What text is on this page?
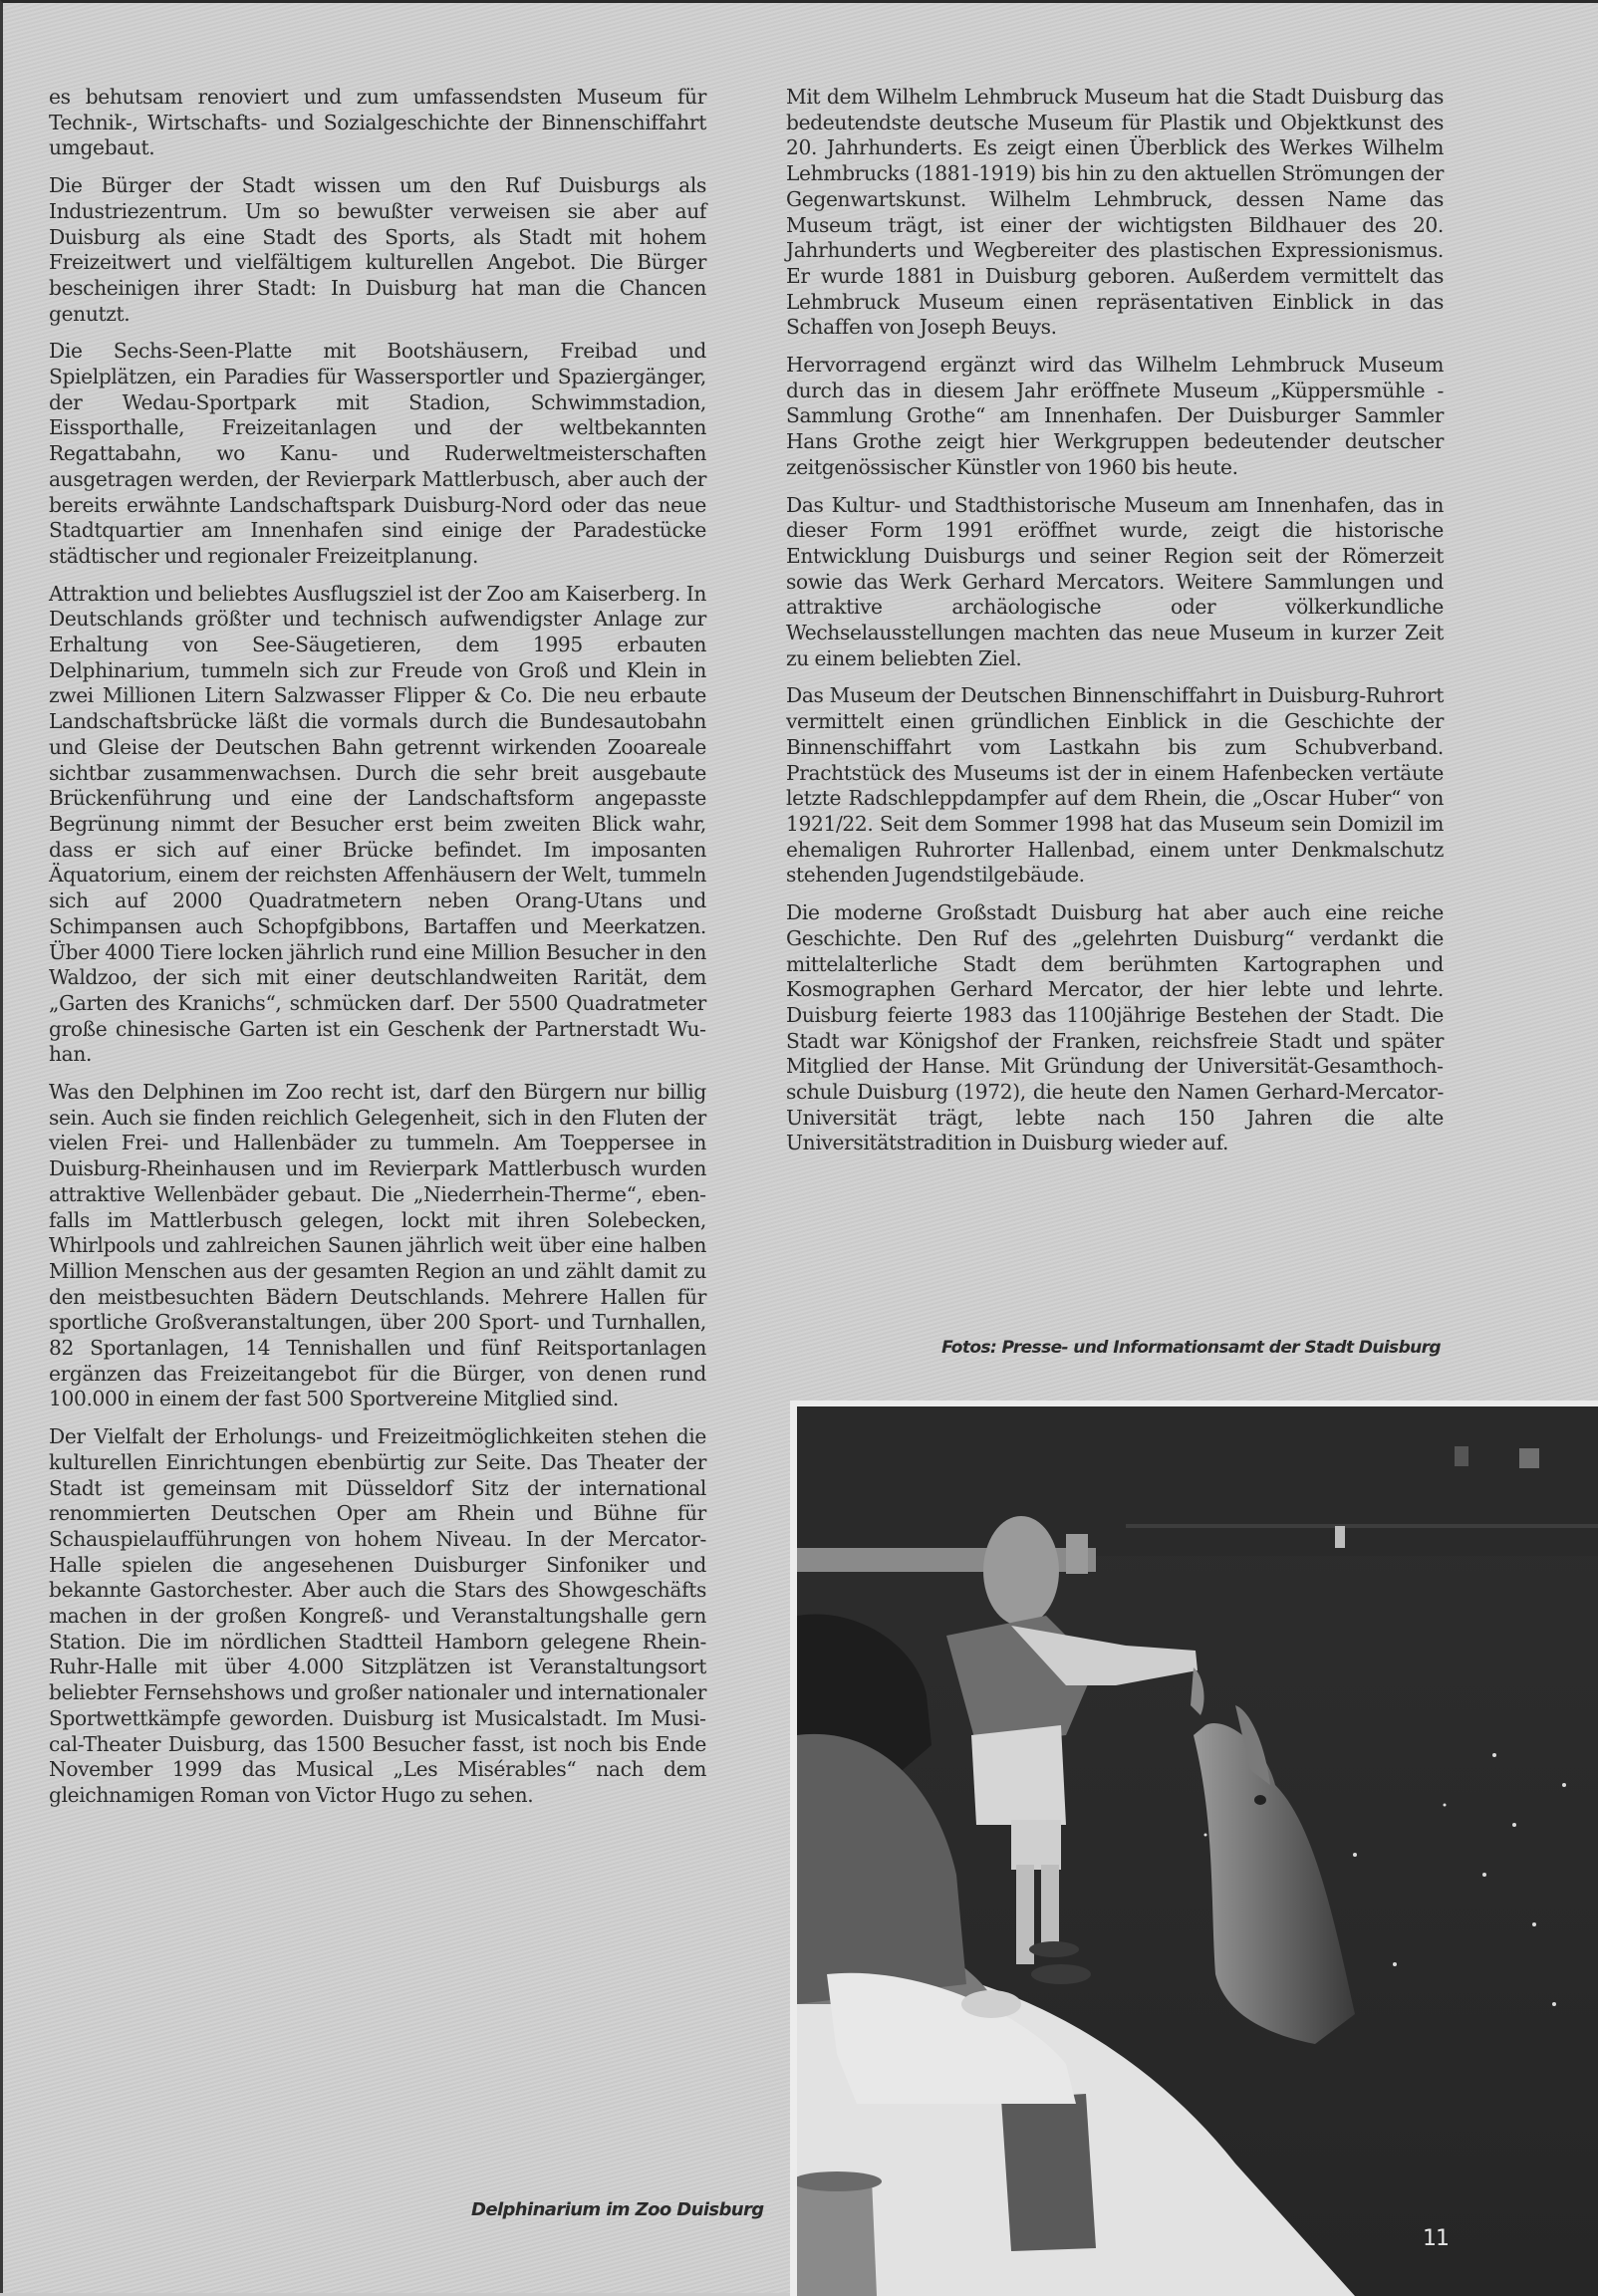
es behutsam renoviert und zum umfassendsten Museum für Technik-, Wirtschafts- und Sozialgeschichte der Binnenschiffahrt umgebaut.

Die Bürger der Stadt wissen um den Ruf Duisburgs als Industriezentrum. Um so bewußter verweisen sie aber auf Duisburg als eine Stadt des Sports, als Stadt mit hohem Freizeitwert und vielfältigem kulturellen Angebot. Die Bürger bescheinigen ihrer Stadt: In Duisburg hat man die Chancen genutzt.

Die Sechs-Seen-Platte mit Bootshäusern, Freibad und Spielplätzen, ein Paradies für Wassersportler und Spaziergänger, der Wedau-Sportpark mit Stadion, Schwimmstadion, Eissporthalle, Freizeitanlagen und der weltbekannten Regattabahn, wo Kanu- und Ruderweltmeisterschaften ausgetragen werden, der Revierpark Mattlerbusch, aber auch der bereits erwähnte Landschaftspark Duisburg-Nord oder das neue Stadtquartier am Innenhafen sind einige der Paradestücke städtischer und regionaler Freizeitplanung.

Attraktion und beliebtes Ausflugsziel ist der Zoo am Kaiserberg. In Deutschlands größter und technisch aufwendigster Anlage zur Erhaltung von See-Säugetieren, dem 1995 erbauten Delphinarium, tummeln sich zur Freude von Groß und Klein in zwei Millionen Litern Salzwasser Flipper & Co. Die neu erbaute Landschaftsbrücke läßt die vormals durch die Bundesautobahn und Gleise der Deutschen Bahn getrennt wirkenden Zooareale sichtbar zusammenwachsen. Durch die sehr breit ausgebaute Brückenführung und eine der Landschaftsform angepasste Begrünung nimmt der Besucher erst beim zweiten Blick wahr, dass er sich auf einer Brücke befindet. Im imposanten Äquatorium, einem der reichsten Affenhäusern der Welt, tummeln sich auf 2000 Quadratmetern neben Orang-Utans und Schimpansen auch Schopfgibbons, Bartaffen und Meerkatzen. Über 4000 Tiere locken jährlich rund eine Million Besucher in den Waldzoo, der sich mit einer deutschlandweiten Rarität, dem „Garten des Kranichs“, schmücken darf. Der 5500 Quadratmeter große chinesische Garten ist ein Geschenk der Partnerstadt Wuhan.

Was den Delphinen im Zoo recht ist, darf den Bürgern nur billig sein. Auch sie finden reichlich Gelegenheit, sich in den Fluten der vielen Frei- und Hallenbäder zu tummeln. Am Toeppersee in Duisburg-Rheinhausen und im Revierpark Mattlerbusch wurden attraktive Wellenbäder gebaut. Die „Niederrhein-Therme“, ebenfalls im Mattlerbusch gelegen, lockt mit ihren Solebecken, Whirlpools und zahlreichen Saunen jährlich weit über eine halben Million Menschen aus der gesamten Region an und zählt damit zu den meistbesuchten Bädern Deutschlands. Mehrere Hallen für sportliche Großveranstaltungen, über 200 Sport- und Turnhallen, 82 Sportanlagen, 14 Tennishallen und fünf Reitsportanlagen ergänzen das Freizeitangebot für die Bürger, von denen rund 100.000 in einem der fast 500 Sportvereine Mitglied sind.

Der Vielfalt der Erholungs- und Freizeitmöglichkeiten stehen die kulturellen Einrichtungen ebenbürtig zur Seite. Das Theater der Stadt ist gemeinsam mit Düsseldorf Sitz der international renommierten Deutschen Oper am Rhein und Bühne für Schauspielaufführungen von hohem Niveau. In der Mercator-Halle spielen die angesehenen Duisburger Sinfoniker und bekannte Gastorchester. Aber auch die Stars des Showgeschäfts machen in der großen Kongreß- und Veranstaltungshalle gern Station. Die im nördlichen Stadtteil Hamborn gelegene Rhein-Ruhr-Halle mit über 4.000 Sitzplätzen ist Veranstaltungsort beliebter Fernsehshows und großer nationaler und internationaler Sportwettkämpfe geworden. Duisburg ist Musicalstadt. Im Musical-Theater Duisburg, das 1500 Besucher fasst, ist noch bis Ende November 1999 das Musical „Les Misérables“ nach dem gleichnamigen Roman von Victor Hugo zu sehen.

Mit dem Wilhelm Lehmbruck Museum hat die Stadt Duisburg das bedeutendste deutsche Museum für Plastik und Objektkunst des 20. Jahrhunderts. Es zeigt einen Überblick des Werkes Wilhelm Lehmbrucks (1881-1919) bis hin zu den aktuellen Strömungen der Gegenwartskunst. Wilhelm Lehmbruck, dessen Name das Museum trägt, ist einer der wichtigsten Bildhauer des 20. Jahrhunderts und Wegbereiter des plastischen Expressionismus. Er wurde 1881 in Duisburg geboren. Außerdem vermittelt das Lehmbruck Museum einen repräsentativen Einblick in das Schaffen von Joseph Beuys.

Hervorragend ergänzt wird das Wilhelm Lehmbruck Museum durch das in diesem Jahr eröffnete Museum „Küppersmühle - Sammlung Grothe“ am Innenhafen. Der Duisburger Sammler Hans Grothe zeigt hier Werkgruppen bedeutender deutscher zeitgenössischer Künstler von 1960 bis heute.

Das Kultur- und Stadthistorische Museum am Innenhafen, das in dieser Form 1991 eröffnet wurde, zeigt die historische Entwicklung Duisburgs und seiner Region seit der Römerzeit sowie das Werk Gerhard Mercators. Weitere Sammlungen und attraktive archäologische oder völkerkundliche Wechselausstellungen machten das neue Museum in kurzer Zeit zu einem beliebten Ziel.

Das Museum der Deutschen Binnenschiffahrt in Duisburg-Ruhrort vermittelt einen gründlichen Einblick in die Geschichte der Binnenschiffahrt vom Lastkahn bis zum Schubverband. Prachtstück des Museums ist der in einem Hafenbecken vertäute letzte Radschleppdampfer auf dem Rhein, die „Oscar Huber“ von 1921/22. Seit dem Sommer 1998 hat das Museum sein Domizil im ehemaligen Ruhrorter Hallenbad, einem unter Denkmalschutz stehenden Jugendstilgebäude.

Die moderne Großstadt Duisburg hat aber auch eine reiche Geschichte. Den Ruf des „gelehrten Duisburg“ verdankt die mittelalterliche Stadt dem berühmten Kartographen und Kosmographen Gerhard Mercator, der hier lebte und lehrte. Duisburg feierte 1983 das 1100jährige Bestehen der Stadt. Die Stadt war Königshof der Franken, reichsfreie Stadt und später Mitglied der Hanse. Mit Gründung der Universität-Gesamthochschule Duisburg (1972), die heute den Namen Gerhard-Mercator-Universität trägt, lebte nach 150 Jahren die alte Universitätstradition in Duisburg wieder auf.

Fotos: Presse- und Informationsamt der Stadt Duisburg
11
Delphinarium im Zoo Duisburg
